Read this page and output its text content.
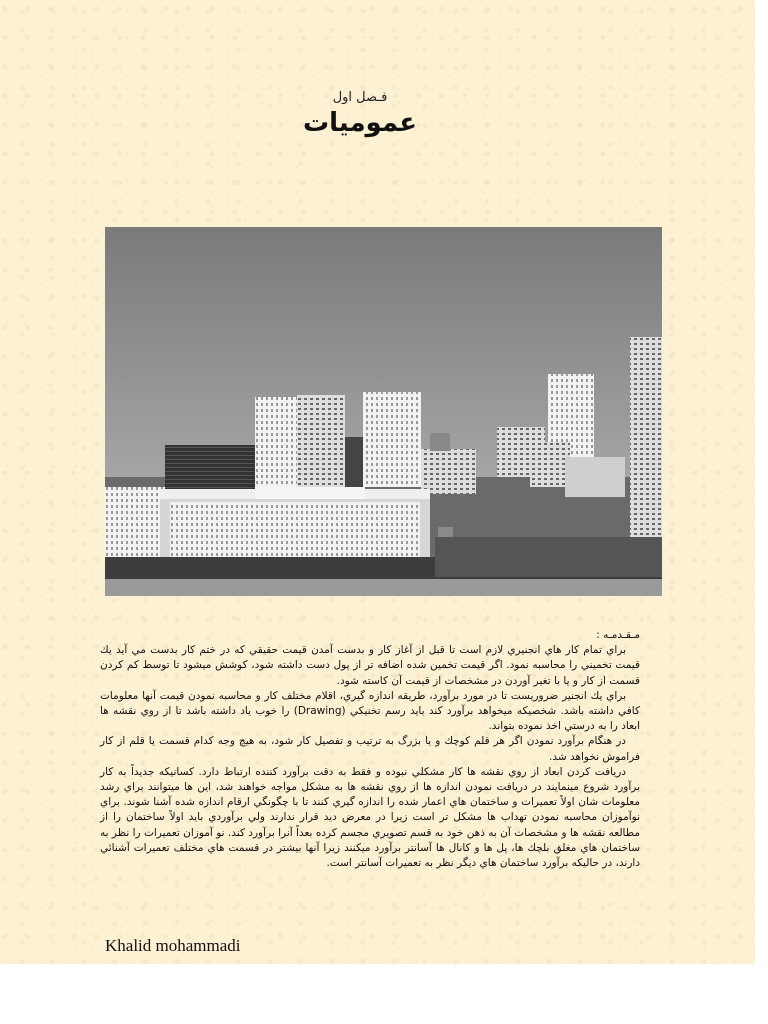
فـصل اول
عموميات

مـقـدمـه :

براي تمام كار هاي انجنيري لازم است تا قبل از آغاز كار و بدست آمدن قيمت حقيقي كه در ختم كار بدست مي آيد يك قيمت تخميني را محاسبه نمود. اگر قيمت تخمين شده اضافه تر از پول دست داشته شود، كوشش ميشود تا توسط كم كردن قسمت از كار و يا با تغير آوردن در مشخصات از قيمت آن كاسته شود.

براي يك انجنير ضروريست تا در مورد برآورد، طريقه اندازه گيري، اقلام مختلف كار و محاسبه نمودن قيمت آنها معلومات كافي داشته باشد. شخصيكه ميخواهد برآورد كند بايد رسم تخنيكي (Drawing) را خوب ياد داشته باشد تا از روي نقشه ها ابعاد را به درستي اخذ نموده بتواند.

در هنگام برآورد نمودن اگر هر قلم كوچك و يا بزرگ به ترتيب و تفصيل كار شود، به هيچ وجه كدام قسمت يا قلم از كار فراموش نخواهد شد.

دريافت كردن ابعاد از روي نقشه ها كار مشكلي نبوده و فقط به دقت برآورد كننده ارتباط دارد. كسانيكه جديداً به كار برآورد شروع مينمايند در دريافت نمودن اندازه ها از روي نقشه ها به مشكل مواجه خواهند شد، اين ها ميتوانند براي رشد معلومات شان اولاً تعميرات و ساختمان هاي اعمار شده را اندازه گيري كنند تا با چگونگي ارقام اندازه شده آشنا شوند. براي نوآموزان محاسبه نمودن تهداب ها مشكل تر است زيرا در معرض ديد قرار ندارند ولي برآوردي بايد اولاً ساختمان را از مطالعه نقشه ها و مشخصات آن به ذهن خود به قسم تصويري مجسم كرده بعداً آنرا برآورد كند. نو آموزان تعميرات را نظر به ساختمان هاي مغلق بلچك ها، پل ها و كانال ها آسانتر برآورد ميكنند زيرا آنها بيشتر در قسمت هاي مختلف تعميرات آشنائي دارند، در حاليكه برآورد ساختمان هاي ديگر نظر به تعميرات آسانتر است.

Khalid mohammadi
